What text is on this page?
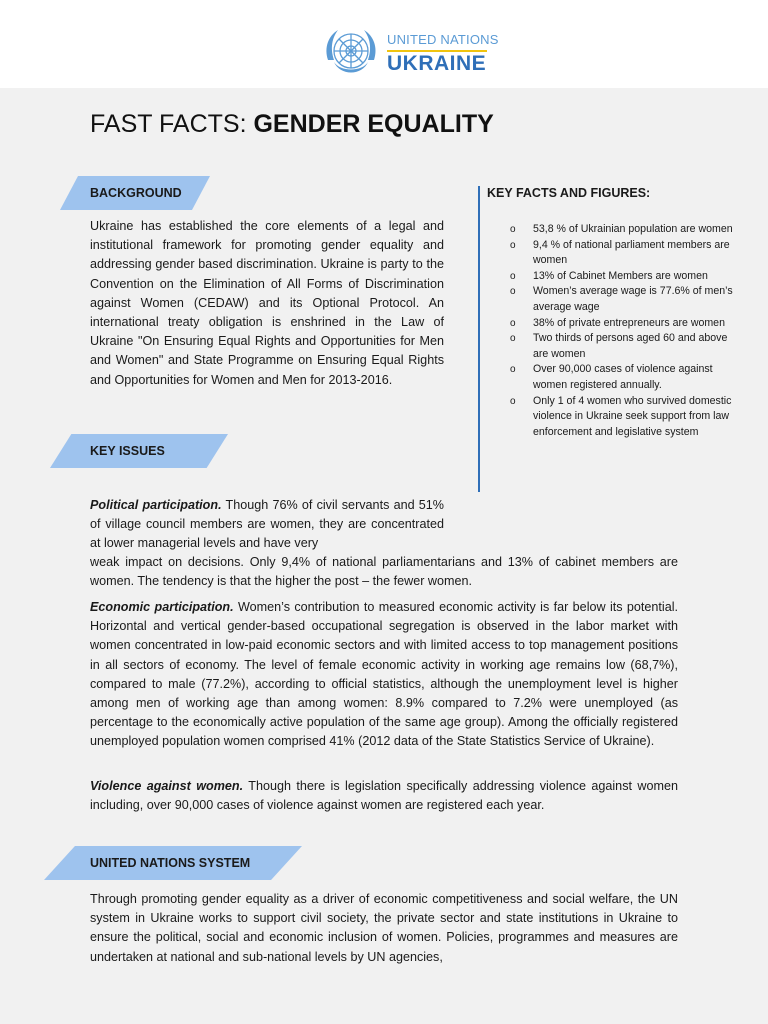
UNITED NATIONS
UKRAINE
FAST FACTS: GENDER EQUALITY
BACKGROUND

Ukraine has established the core elements of a legal and institutional framework for promoting gender equality and addressing gender based discrimination. Ukraine is party to the Convention on the Elimination of All Forms of Discrimination against Women (CEDAW) and its Optional Protocol. An international treaty obligation is enshrined in the Law of Ukraine "On Ensuring Equal Rights and Opportunities for Men and Women" and State Programme on Ensuring Equal Rights and Opportunities for Women and Men for 2013-2016.

KEY ISSUES

Political participation. Though 76% of civil servants and 51% of village council members are women, they are concentrated at lower managerial levels and have very

weak impact on decisions. Only 9,4% of national parliamentarians and 13% of cabinet members are women. The tendency is that the higher the post – the fewer women.

Economic participation. Women’s contribution to measured economic activity is far below its potential. Horizontal and vertical gender-based occupational segregation is observed in the labor market with women concentrated in low-paid economic sectors and with limited access to top management positions in all sectors of economy. The level of female economic activity in working age remains low (68,7%), compared to male (77.2%), according to official statistics, although the unemployment level is higher among men of working age than among women: 8.9% compared to 7.2% were unemployed (as percentage to the economically active population of the same age group). Among the officially registered unemployed population women comprised 41% (2012 data of the State Statistics Service of Ukraine).

Violence against women. Though there is legislation specifically addressing violence against women including, over 90,000 cases of violence against women are registered each year.

UNITED NATIONS SYSTEM

Through promoting gender equality as a driver of economic competitiveness and social welfare, the UN system in Ukraine works to support civil society, the private sector and state institutions in Ukraine to ensure the political, social and economic inclusion of women. Policies, programmes and measures are undertaken at national and sub-national levels by UN agencies,

KEY FACTS AND FIGURES:
o 53,8 % of Ukrainian population are women
o 9,4 % of national parliament members are women
o 13% of Cabinet Members are women
o Women’s average wage is 77.6% of men’s average wage
o 38% of private entrepreneurs are women
o Two thirds of persons aged 60 and above are women
o Over 90,000 cases of violence against women registered annually.
o Only 1 of 4 women who survived domestic violence in Ukraine seek support from law enforcement and legislative system
